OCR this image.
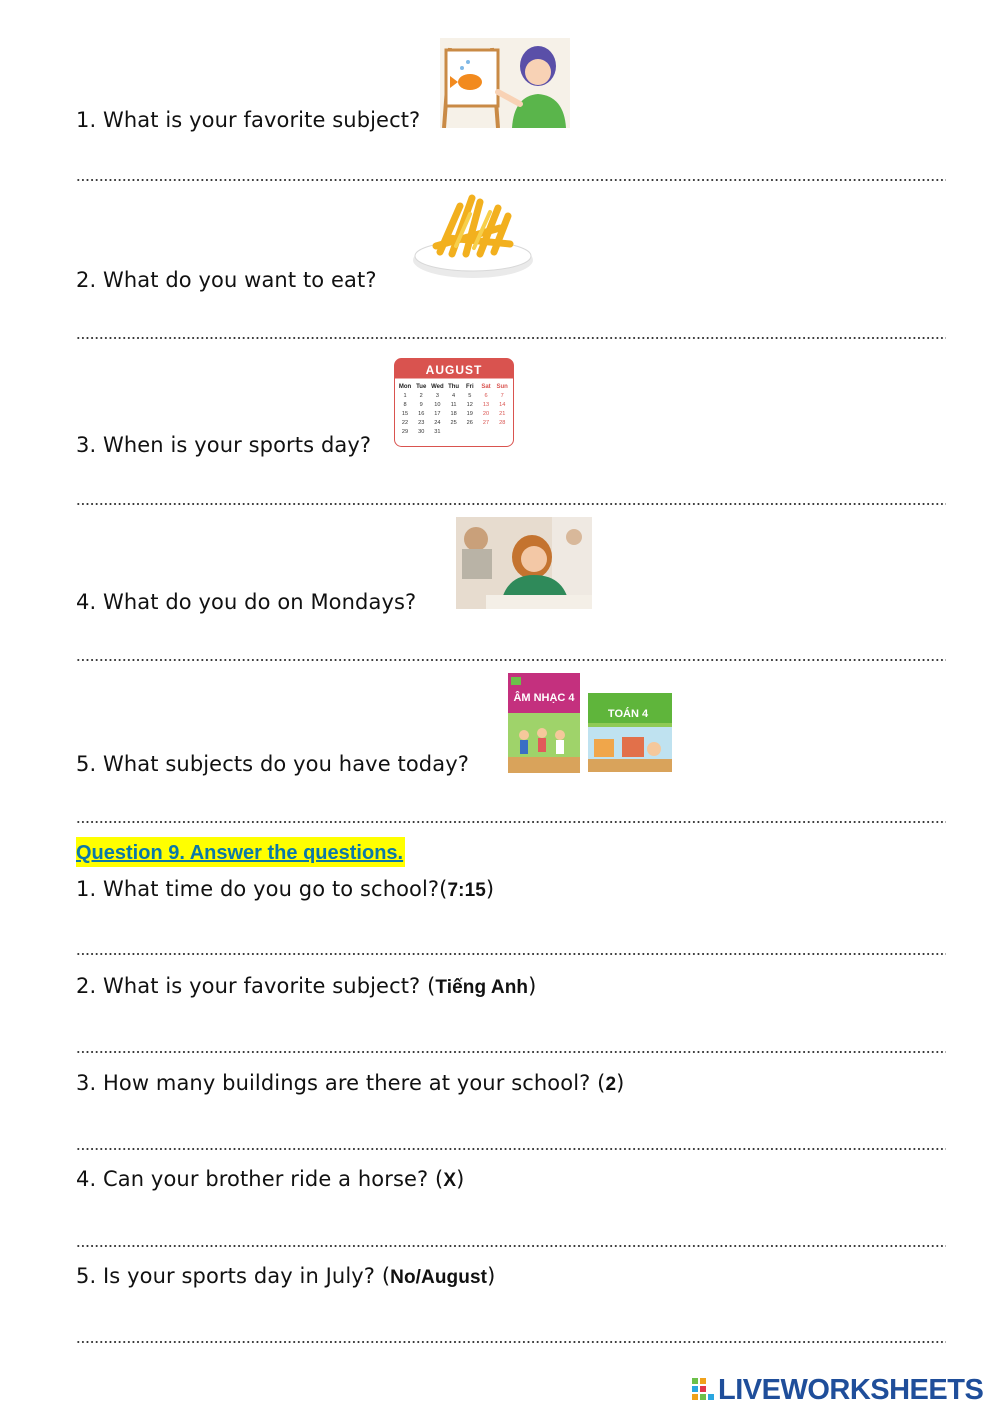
1. What is your favorite subject?
2. What do you want to eat?
3. When is your sports day?
AUGUST
Mon Tue Wed Thu Fri Sat Sun
1 2 3 4 5 6 7
8 9 10 11 12 13 14
15 16 17 18 19 20 21
22 23 24 25 26 27 28
29 30 31
4. What do you do on Mondays?
5. What subjects do you have today?
ÂM NHẠC 4
TOÁN 4
Question 9. Answer the questions.
1. What time do you go to school?(7:15)
2. What is your favorite subject? (Tiếng Anh)
3. How many buildings are there at your school? (2)
4. Can your brother ride a horse? (X)
5. Is your sports day in July? (No/August)
LIVEWORKSHEETS
